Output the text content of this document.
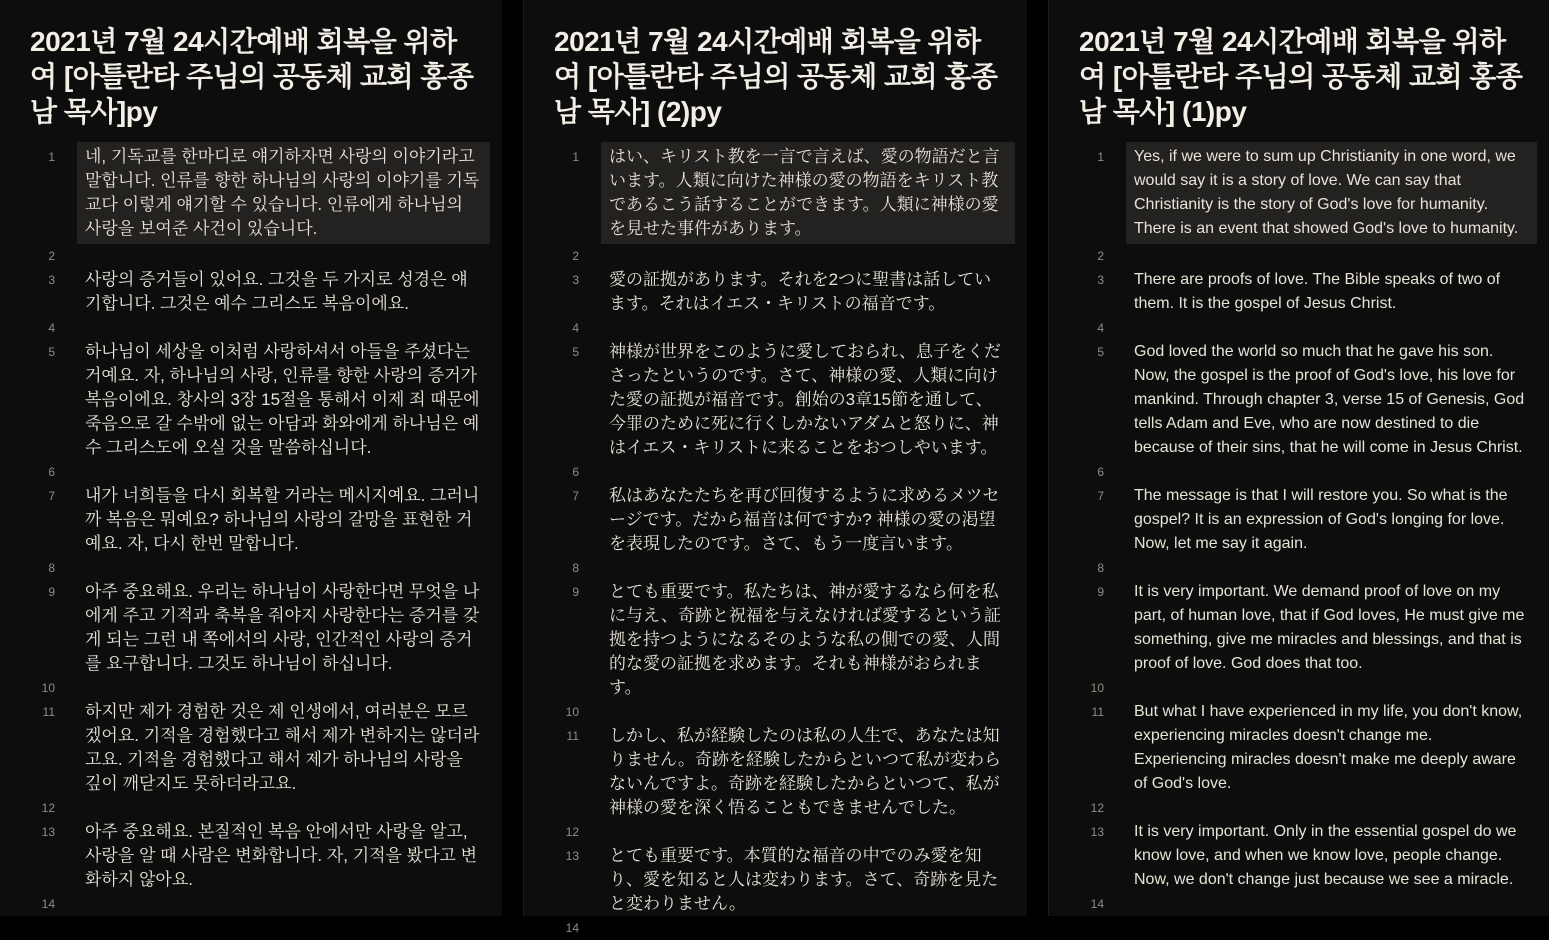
2021년 7월 24시간예배 회복을 위하여 [아틀란타 주님의 공동체 교회 홍종남 목사]py
1	네, 기독교를 한마디로 얘기하자면 사랑의 이야기라고 말합니다. 인류를 향한 하나님의 사랑의 이야기를 기독교다 이렇게 얘기할 수 있습니다. 인류에게 하나님의 사랑을 보여준 사건이 있습니다.
2
3	사랑의 증거들이 있어요. 그것을 두 가지로 성경은 얘기합니다. 그것은 예수 그리스도 복음이에요.
4
5	하나님이 세상을 이처럼 사랑하셔서 아들을 주셨다는 거예요. 자, 하나님의 사랑, 인류를 향한 사랑의 증거가 복음이에요. 창사의 3장 15절을 통해서 이제 죄 때문에 죽음으로 갈 수밖에 없는 아담과 화와에게 하나님은 예수 그리스도에 오실 것을 말씀하십니다.
6
7	내가 너희들을 다시 회복할 거라는 메시지예요. 그러니까 복음은 뭐예요? 하나님의 사랑의 갈망을 표현한 거예요. 자, 다시 한번 말합니다.
8
9	아주 중요해요. 우리는 하나님이 사랑한다면 무엇을 나에게 주고 기적과 축복을 줘야지 사랑한다는 증거를 갖게 되는 그런 내 쪽에서의 사랑, 인간적인 사랑의 증거를 요구합니다. 그것도 하나님이 하십니다.
10
11	하지만 제가 경험한 것은 제 인생에서, 여러분은 모르겠어요. 기적을 경험했다고 해서 제가 변하지는 않더라고요. 기적을 경험했다고 해서 제가 하나님의 사랑을 깊이 깨닫지도 못하더라고요.
12
13	아주 중요해요. 본질적인 복음 안에서만 사랑을 알고, 사랑을 알 때 사람은 변화합니다. 자, 기적을 봤다고 변화하지 않아요.
14
2021년 7월 24시간예배 회복을 위하여 [아틀란타 주님의 공동체 교회 홍종남 목사] (2)py
1	はい、キリスト教を一言で言えば、愛の物語だと言います。人類に向けた神様の愛の物語をキリスト教であるこう話することができます。人類に神様の愛を見せた事件があります。
2
3	愛の証拠があります。それを2つに聖書は話しています。それはイエス・キリストの福音です。
4
5	神様が世界をこのように愛しておられ、息子をくださったというのです。さて、神様の愛、人類に向けた愛の証拠が福音です。創始の3章15節を通して、今罪のために死に行くしかないアダムと怒りに、神はイエス・キリストに来ることをおつしやいます。
6
7	私はあなたたちを再び回復するように求めるメツセージです。だから福音は何ですか? 神様の愛の渇望を表現したのです。さて、もう一度言います。
8
9	とても重要です。私たちは、神が愛するなら何を私に与え、奇跡と祝福を与えなければ愛するという証拠を持つようになるそのような私の側での愛、人間的な愛の証拠を求めます。それも神様がおられます。
10
11	しかし、私が経験したのは私の人生で、あなたは知りません。奇跡を経験したからといつて私が変わらないんですよ。奇跡を経験したからといつて、私が神様の愛を深く悟ることもできませんでした。
12
13	とても重要です。本質的な福音の中でのみ愛を知り、愛を知ると人は変わります。さて、奇跡を見たと変わりません。
14
2021년 7월 24시간예배 회복을 위하여 [아틀란타 주님의 공동체 교회 홍종남 목사] (1)py
1	Yes, if we were to sum up Christianity in one word, we would say it is a story of love. We can say that Christianity is the story of God's love for humanity. There is an event that showed God's love to humanity.
2
3	There are proofs of love. The Bible speaks of two of them. It is the gospel of Jesus Christ.
4
5	God loved the world so much that he gave his son. Now, the gospel is the proof of God's love, his love for mankind. Through chapter 3, verse 15 of Genesis, God tells Adam and Eve, who are now destined to die because of their sins, that he will come in Jesus Christ.
6
7	The message is that I will restore you. So what is the gospel? It is an expression of God's longing for love. Now, let me say it again.
8
9	It is very important. We demand proof of love on my part, of human love, that if God loves, He must give me something, give me miracles and blessings, and that is proof of love. God does that too.
10
11	But what I have experienced in my life, you don't know, experiencing miracles doesn't change me. Experiencing miracles doesn't make me deeply aware of God's love.
12
13	It is very important. Only in the essential gospel do we know love, and when we know love, people change. Now, we don't change just because we see a miracle.
14
